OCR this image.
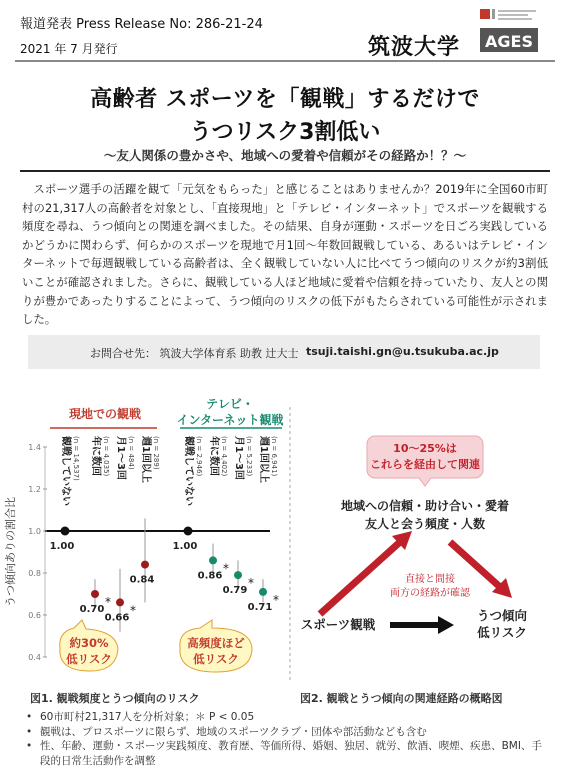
報道発表 Press Release No: 286-21-24
2021 年 7 月発行	筑波大学 AGES
高齢者 スポーツを「観戦」するだけで
うつリスク3割低い
～友人関係の豊かさや、地域への愛着や信頼がその経路か！？～

スポーツ選手の活躍を観て「元気をもらった」と感じることはありませんか？2019年に全国60市町村の21,317人の高齢者を対象とし、「直接現地」と「テレビ・インターネット」でスポーツを観戦する頻度を尋ね、うつ傾向との関連を調べました。その結果、自身が運動・スポーツを日ごろ実践しているかどうかに関わらず、何らかのスポーツを現地で月1回～年数回観戦している、あるいはテレビ・インターネットで毎週観戦している高齢者は、全く観戦していない人に比べてうつ傾向のリスクが約3割低いことが確認されました。さらに、観戦している人ほど地域に愛着や信頼を持っていたり、友人との関りが豊かであったりすることによって、うつ傾向のリスクの低下がもたらされている可能性が示されました。

お問合せ先： 筑波大学体育系 助教 辻大士 tsuji.taishi.gn@u.tsukuba.ac.jp
うつ傾向ありの割合比
1.4
1.2
1.0
0.8
0.6
0.4
現地での観戦
テレビ・
インターネット観戦
観戦していない (n = 14,537)
1.00
年に数回 (n = 4,035)
0.70
*
月1～3回 (n = 484)
0.66
*
週1回以上 (n = 289)
0.84
観戦していない (n = 2,946)
1.00
年に数回 (n = 4,402)
0.86
*
月1～3回 (n = 5,233)
0.79
*
週1回以上 (n = 6,941)
0.71
*
約30%
低リスク
高頻度ほど
低リスク
10～25%は
これらを経由して関連
地域への信頼・助け合い・愛着
友人と会う頻度・人数
直接と間接
両方の経路が確認
スポーツ観戦
うつ傾向
低リスク
図1. 観戦頻度とうつ傾向のリスク	図2. 観戦とうつ傾向の関連経路の概略図
• 60市町村21,317人を分析対象；＊ P < 0.05
• 観戦は、プロスポーツに限らず、地域のスポーツクラブ・団体や部活動なども含む
• 性、年齢、運動・スポーツ実践頻度、教育歴、等価所得、婚姻、独居、就労、飲酒、喫煙、疾患、BMI、手段的日常生活動作を調整
